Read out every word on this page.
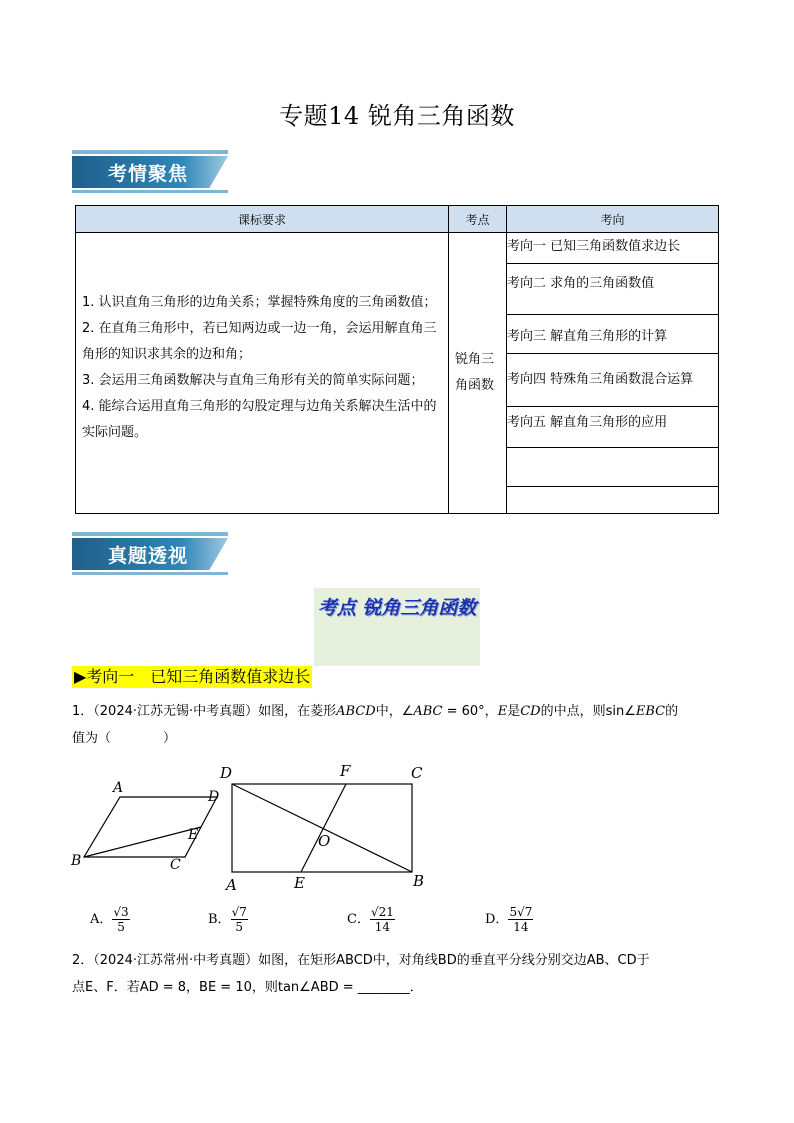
专题14 锐角三角函数
考情聚焦
课标要求	考点	考向

1. 认识直角三角形的边角关系；掌握特殊角度的三角函数值；
2. 在直角三角形中，若已知两边或一边一角，会运用解直角三角形的知识求其余的边和角；
3. 会运用三角函数解决与直角三角形有关的简单实际问题；
4. 能综合运用直角三角形的勾股定理与边角关系解决生活中的实际问题。	锐角三角函数	考向一 已知三角函数值求边长
		考向二 求角的三角函数值
		考向三 解直角三角形的计算
		考向四 特殊角三角函数混合运算
		考向五 解直角三角形的应用

真题透视
考点 锐角三角函数
▶考向一　已知三角函数值求边长
1．（2024·江苏无锡·中考真题）如图，在菱形ABCD中，∠ABC = 60°，E是CD的中点，则sin∠EBC的
值为（　　　　）
A
D
E
C
B
D	F	C
O
A	E	B
A． $\frac{√3}{5}$	B． $\frac{√7}{5}$	C． $\frac{√21}{14}$	D． $\frac{5√7}{14}$
2．（2024·江苏常州·中考真题）如图，在矩形ABCD中，对角线BD的垂直平分线分别交边AB、CD于
点E、F．若AD = 8，BE = 10，则tan∠ABD = ________．
